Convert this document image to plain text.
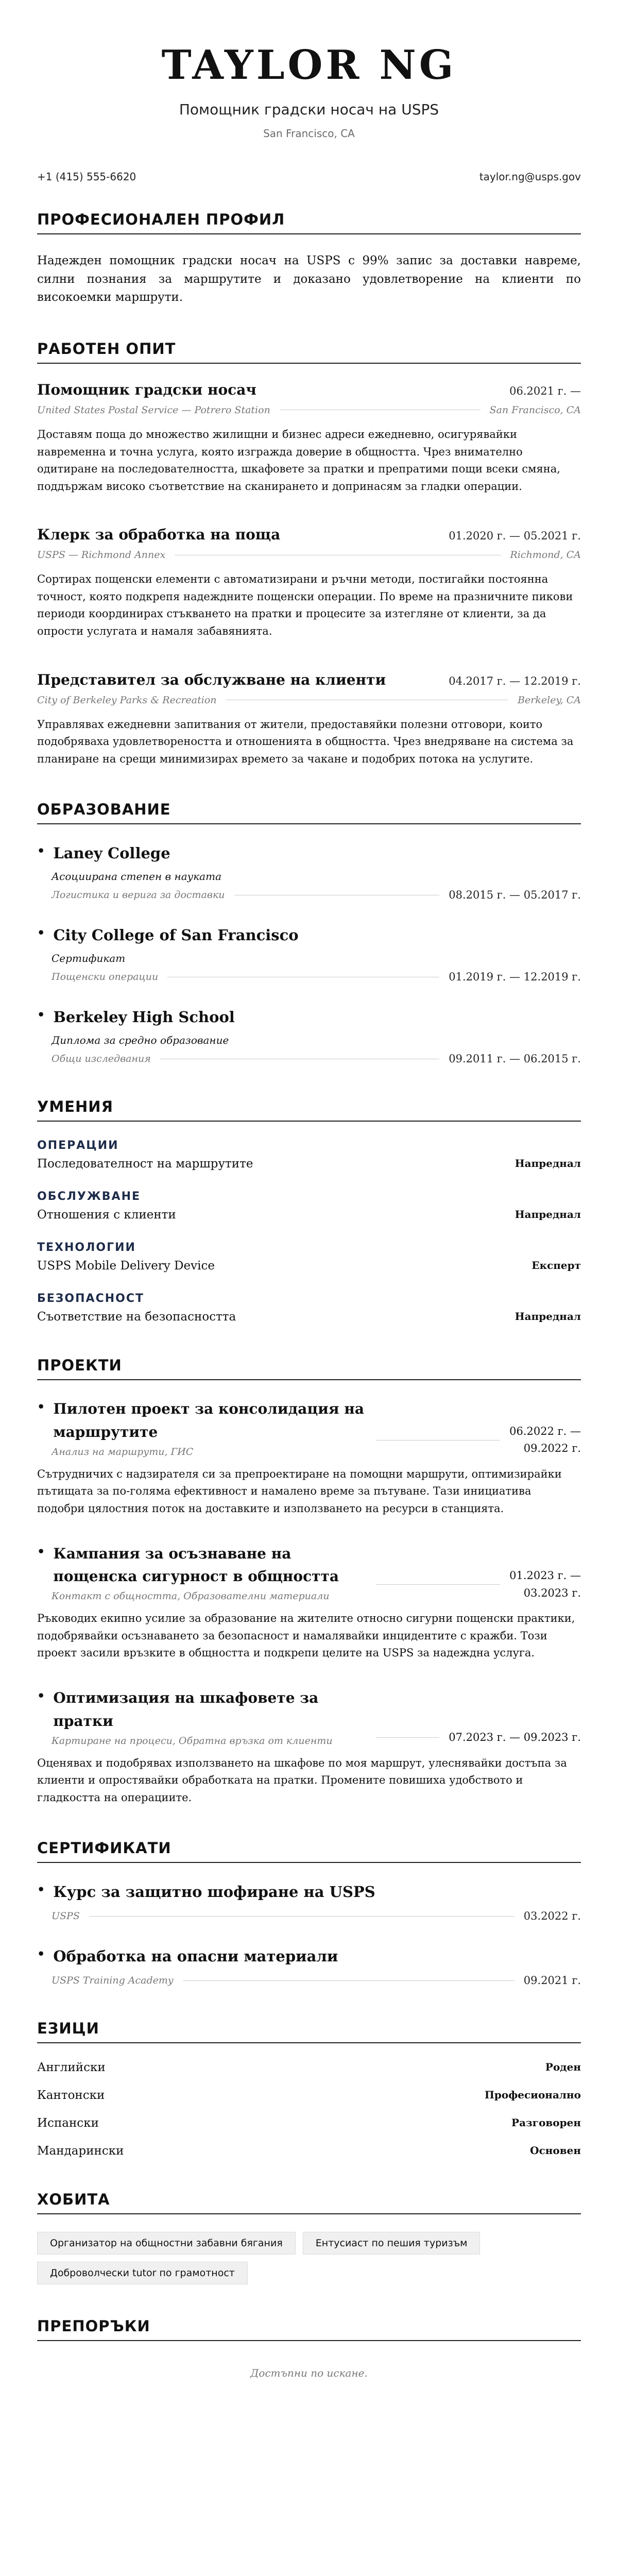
TAYLOR NG
Помощник градски носач на USPS
San Francisco, CA
+1 (415) 555-6620	taylor.ng@usps.gov
ПРОФЕСИОНАЛЕН ПРОФИЛ

Надежден помощник градски носач на USPS с 99% запис за доставки навреме, силни познания за маршрутите и доказано удовлетворение на клиенти по високоемки маршрути.

РАБОТЕН ОПИТ
Помощник градски носач	06.2021 г. —
United States Postal Service — Potrero Station	San Francisco, CA

Доставям поща до множество жилищни и бизнес адреси ежедневно, осигурявайки навременна и точна услуга, която изгражда доверие в общността. Чрез внимателно одитиране на последователността, шкафовете за пратки и препратими пощи всеки смяна, поддържам високо съответствие на сканирането и допринасям за гладки операции.

Клерк за обработка на поща	01.2020 г. — 05.2021 г.
USPS — Richmond Annex	Richmond, CA

Сортирах пощенски елементи с автоматизирани и ръчни методи, постигайки постоянна точност, която подкрепя надеждните пощенски операции. По време на празничните пикови периоди координирах стъкването на пратки и процесите за изтегляне от клиенти, за да опрости услугата и намаля забавянията.

Представител за обслужване на клиенти	04.2017 г. — 12.2019 г.
City of Berkeley Parks & Recreation	Berkeley, CA

Управлявах ежедневни запитвания от жители, предоставяйки полезни отговори, които подобряваха удовлетвореността и отношенията в общността. Чрез внедряване на система за планиране на срещи минимизирах времето за чакане и подобрих потока на услугите.

ОБРАЗОВАНИЕ
• Laney College
Асоциирана степен в науката
Логистика и верига за доставки	08.2015 г. — 05.2017 г.
• City College of San Francisco
Сертификат
Пощенски операции	01.2019 г. — 12.2019 г.
• Berkeley High School
Диплома за средно образование
Общи изследвания	09.2011 г. — 06.2015 г.
УМЕНИЯ
ОПЕРАЦИИ
Последователност на маршрутите	Напреднал
ОБСЛУЖВАНЕ
Отношения с клиенти	Напреднал
ТЕХНОЛОГИИ
USPS Mobile Delivery Device	Експерт
БЕЗОПАСНОСТ
Съответствие на безопасността	Напреднал
ПРОЕКТИ
• Пилотен проект за консолидация на маршрутите
Анализ на маршрути, ГИС
06.2022 г. —
09.2022 г.

Сътрудничих с надзирателя си за препроектиране на помощни маршрути, оптимизирайки пътищата за по-голяма ефективност и намалено време за пътуване. Тази инициатива подобри цялостния поток на доставките и използването на ресурси в станцията.

• Кампания за осъзнаване на пощенска сигурност в общността
Контакт с общността, Образователни материали
01.2023 г. —
03.2023 г.

Ръководих екипно усилие за образование на жителите относно сигурни пощенски практики, подобрявайки осъзнаването за безопасност и намалявайки инцидентите с кражби. Този проект засили връзките в общността и подкрепи целите на USPS за надеждна услуга.

• Оптимизация на шкафовете за пратки
Картиране на процеси, Обратна връзка от клиенти	07.2023 г. — 09.2023 г.

Оценявах и подобрявах използването на шкафове по моя маршрут, улеснявайки достъпа за клиенти и опростявайки обработката на пратки. Промените повишиха удобството и гладкостта на операциите.

СЕРТИФИКАТИ
• Курс за защитно шофиране на USPS
USPS	03.2022 г.
• Обработка на опасни материали
USPS Training Academy	09.2021 г.
ЕЗИЦИ
Английски	Роден
Кантонски	Професионално
Испански	Разговорен
Мандарински	Основен
ХОБИТА
Организатор на общностни забавни бягания	Ентусиаст по пешия туризъм
Доброволчески tutor по грамотност
ПРЕПОРЪКИ

Достъпни по искане.
